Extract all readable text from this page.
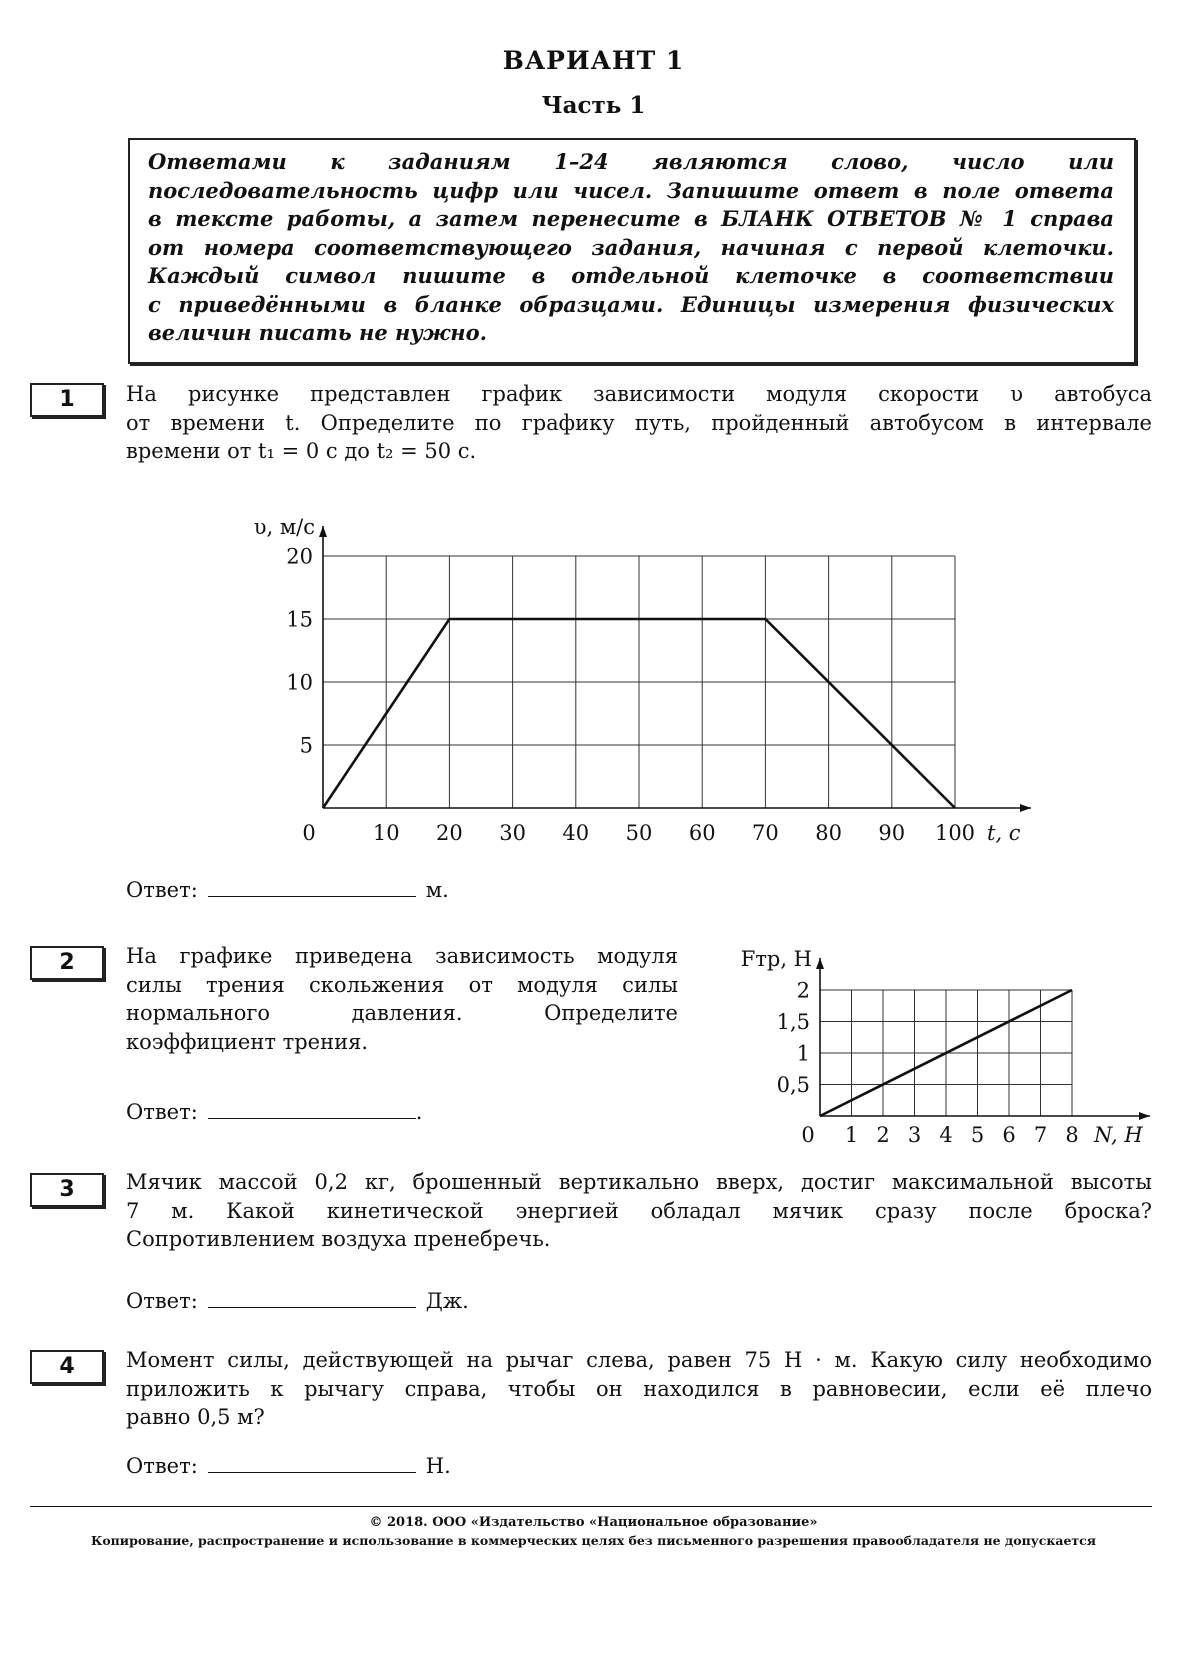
ВАРИАНТ 1
Часть 1
Ответами к заданиям 1–24 являются слово, число или
последовательность цифр или чисел. Запишите ответ в поле ответа
в тексте работы, а затем перенесите в БЛАНК ОТВЕТОВ № 1 справа
от номера соответствующего задания, начиная с первой клеточки.
Каждый символ пишите в отдельной клеточке в соответствии
с приведёнными в бланке образцами. Единицы измерения физических
величин писать не нужно.
1	На рисунке представлен график зависимости модуля скорости υ автобуса
от времени t. Определите по графику путь, пройденный автобусом в интервале
времени от t₁ = 0 с до t₂ = 50 с.
0	10 20 30 40 50 60 70 80 90 100
5
10
15
20
t, с
υ, м/с
Ответ:	м.
2	На графике приведена зависимость модуля
силы трения скольжения от модуля силы
нормального давления. Определите
коэффициент трения.
Ответ:	.
0 1 2 3 4 5 6 7 8
0,5
1
1,5
2
N, Н
Fтр, Н
3	Мячик массой 0,2 кг, брошенный вертикально вверх, достиг максимальной высоты
7 м. Какой кинетической энергией обладал мячик сразу после броска?
Сопротивлением воздуха пренебречь.
Ответ:	Дж.
4	Момент силы, действующей на рычаг слева, равен 75 Н · м. Какую силу необходимо
приложить к рычагу справа, чтобы он находился в равновесии, если её плечо
равно 0,5 м?
Ответ:	Н.
© 2018. ООО «Издательство «Национальное образование»
Копирование, распространение и использование в коммерческих целях без письменного разрешения правообладателя не допускается
